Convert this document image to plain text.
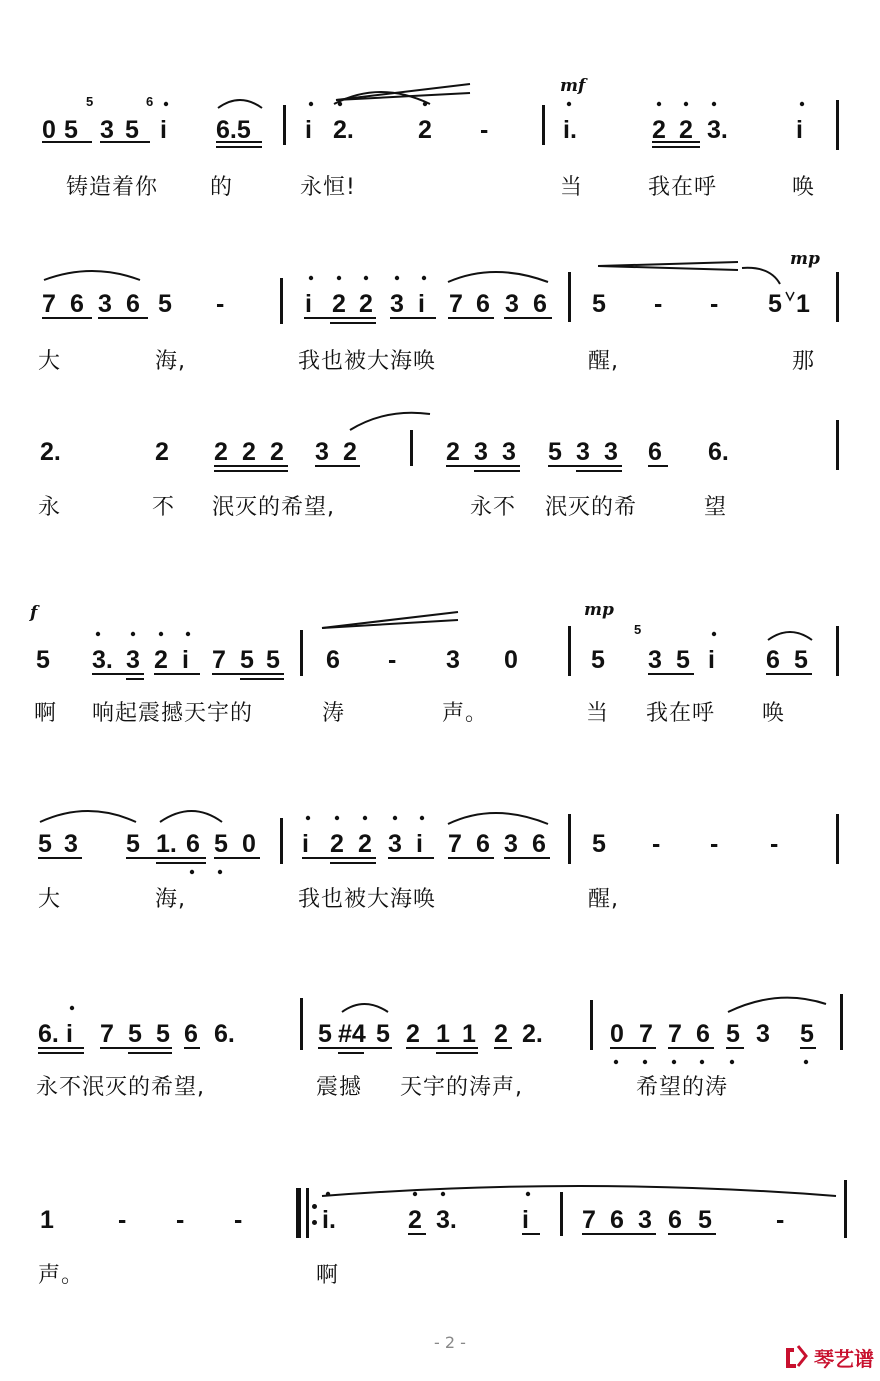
0 5 3 5 i 6.5 i 2.	2 -	i.	2 2 3.	i
5	6
mf
铸造着你 的	永恒!	当	我在呼	唤
7 6 3 6 5 -	i 2 2 3 i 7 6 3 6 5 - - 5 1
mp
大	海,	我也被大海唤	醒,	那
2.	2 2 2 2 3 2	2 3 3 5 3 3 6 6.
永	不 泯灭的希望,	永不 泯灭的希	望
5 3. 3 2 i 7 5 5 6 - 3 0	5 3 5 i 6 5
5
f	mp
啊 响起震撼天宇的	涛	声。	当 我在呼 唤
5 3 5 1. 6 5 0 i 2 2 3 i 7 6 3 6 5 - - -
大	海,	我也被大海唤	醒,
6. i 7 5 5 6 6.	5 #4 5 2 1 1 2 2.	0 7 7 6 5 3 5
永不泯灭的希望,	震撼 天宇的涛声,	希望的涛
1	- - -	i.	2 3.	i 7 6 3 6 5	-
声。	啊
- 2 -
琴艺谱
